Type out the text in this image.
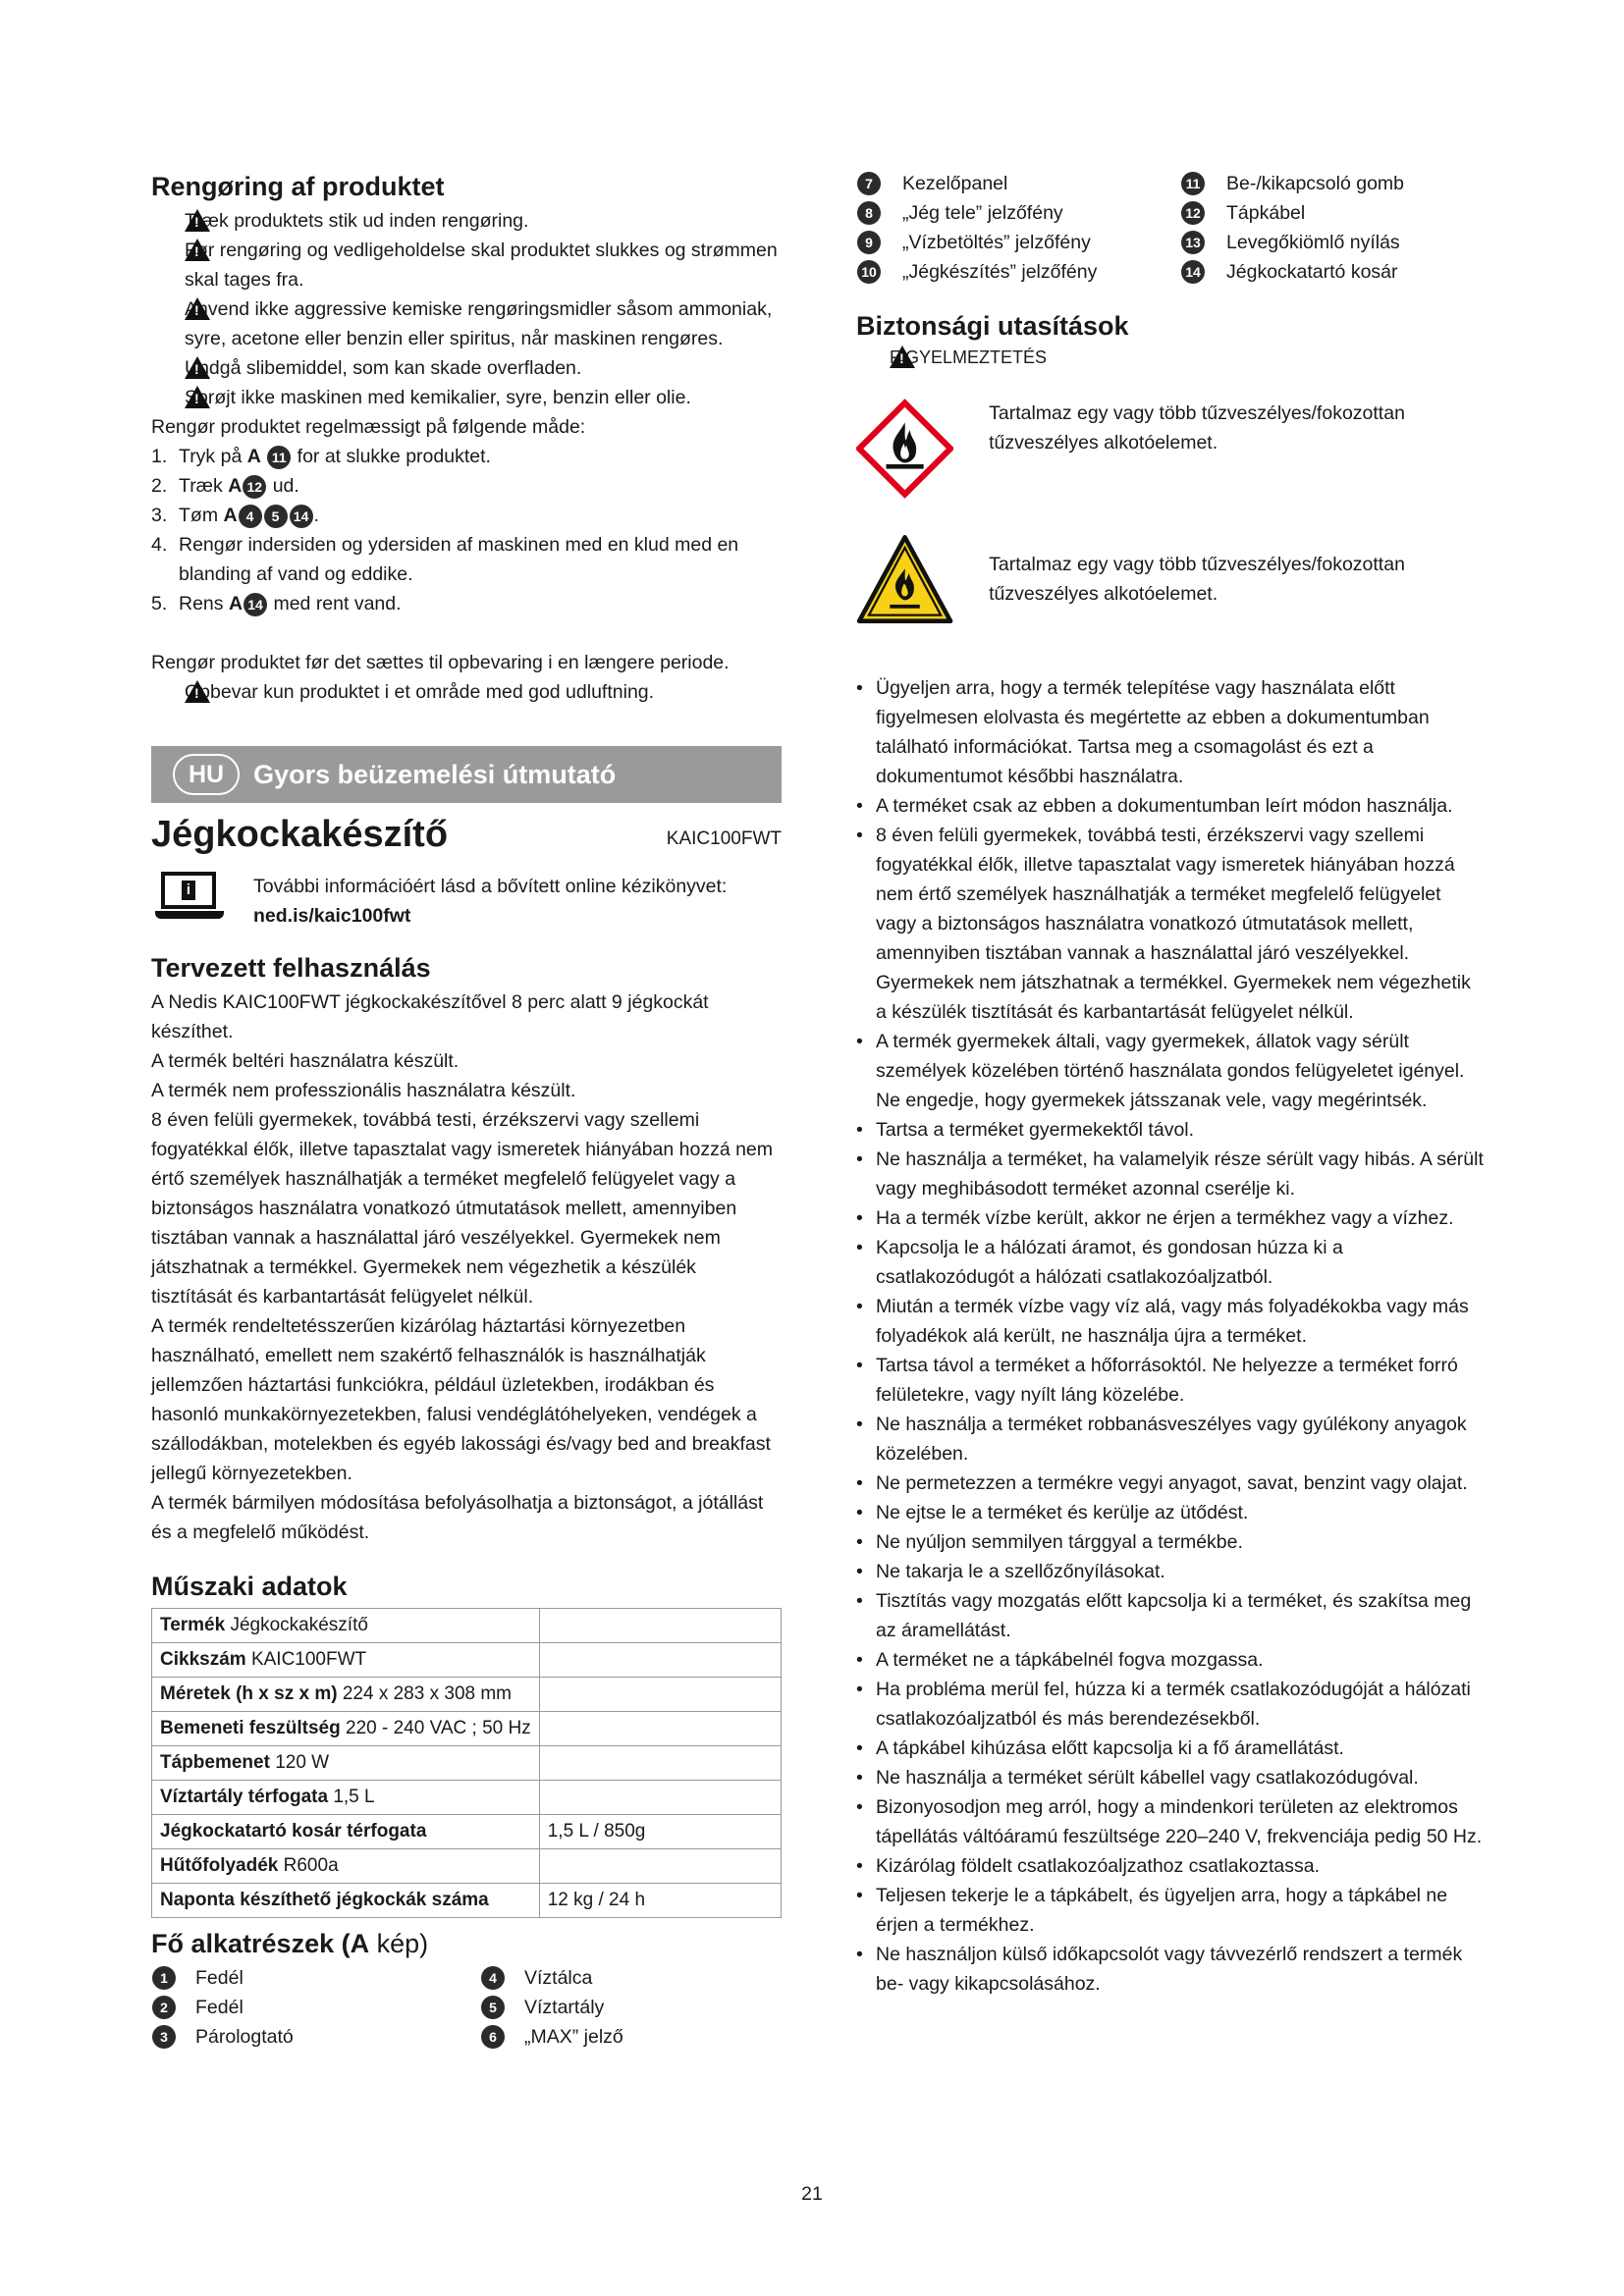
Rengøring af produktet
!
Træk produktets stik ud inden rengøring.
!
Før rengøring og vedligeholdelse skal produktet slukkes og strømmen skal tages fra.
!
Anvend ikke aggressive kemiske rengøringsmidler såsom ammoniak, syre, acetone eller benzin eller spiritus, når maskinen rengøres.
!
Undgå slibemiddel, som kan skade overfladen.
!
Sprøjt ikke maskinen med kemikalier, syre, benzin eller olie.
Rengør produktet regelmæssigt på følgende måde:
1. Tryk på A 11 for at slukke produktet.
2. Træk A 12 ud.
3. Tøm A 4 5 14 .
4. Rengør indersiden og ydersiden af maskinen med en klud med en blanding af vand og eddike.
5. Rens A 14 med rent vand.
Rengør produktet før det sættes til opbevaring i en længere periode.
!
Opbevar kun produktet i et område med god udluftning.
HU	Gyors beüzemelési útmutató
Jégkockakészítő	KAIC100FWT
i	További információért lásd a bővített online kézikönyvet:
ned.is/kaic100fwt
Tervezett felhasználás
A Nedis KAIC100FWT jégkockakészítővel 8 perc alatt 9 jégkockát készíthet.
A termék beltéri használatra készült.
A termék nem professzionális használatra készült.
8 éven felüli gyermekek, továbbá testi, érzékszervi vagy szellemi fogyatékkal élők, illetve tapasztalat vagy ismeretek hiányában hozzá nem értő személyek használhatják a terméket megfelelő felügyelet vagy a biztonságos használatra vonatkozó útmutatások mellett, amennyiben tisztában vannak a használattal járó veszélyekkel. Gyermekek nem játszhatnak a termékkel. Gyermekek nem végezhetik a készülék tisztítását és karbantartását felügyelet nélkül.
A termék rendeltetésszerűen kizárólag háztartási környezetben használható, emellett nem szakértő felhasználók is használhatják jellemzően háztartási funkciókra, például üzletekben, irodákban és hasonló munkakörnyezetekben, falusi vendéglátóhelyeken, vendégek a szállodákban, motelekben és egyéb lakossági és/vagy bed and breakfast jellegű környezetekben.
A termék bármilyen módosítása befolyásolhatja a biztonságot, a jótállást és a megfelelő működést.
Műszaki adatok
Termék Jégkockakészítő	
Cikkszám KAIC100FWT	
Méretek (h x sz x m) 224 x 283 x 308 mm	
Bemeneti feszültség 220 - 240 VAC ; 50 Hz	
Tápbemenet 120 W	
Víztartály térfogata 1,5 L	
Jégkockatartó kosár térfogata	1,5 L / 850g
Hűtőfolyadék R600a	
Naponta készíthető jégkockák száma	12 kg / 24 h
Fő alkatrészek (A kép)
1	Fedél
2	Fedél
3	Párologtató
4	Víztálca
5	Víztartály
6	„MAX” jelző
7	Kezelőpanel
8	„Jég tele” jelzőfény
9	„Vízbetöltés” jelzőfény
10 „Jégkészítés” jelzőfény
11 Be-/kikapcsoló gomb
12 Tápkábel
13 Levegőkiömlő nyílás
14 Jégkockatartó kosár
Biztonsági utasítások
!
FIGYELMEZTETÉS
Tartalmaz egy vagy több tűzveszélyes/fokozottan tűzveszélyes alkotóelemet.
Tartalmaz egy vagy több tűzveszélyes/fokozottan tűzveszélyes alkotóelemet.
• Ügyeljen arra, hogy a termék telepítése vagy használata előtt figyelmesen elolvasta és megértette az ebben a dokumentumban található információkat. Tartsa meg a csomagolást és ezt a dokumentumot későbbi használatra.
• A terméket csak az ebben a dokumentumban leírt módon használja.
• 8 éven felüli gyermekek, továbbá testi, érzékszervi vagy szellemi fogyatékkal élők, illetve tapasztalat vagy ismeretek hiányában hozzá nem értő személyek használhatják a terméket megfelelő felügyelet vagy a biztonságos használatra vonatkozó útmutatások mellett, amennyiben tisztában vannak a használattal járó veszélyekkel. Gyermekek nem játszhatnak a termékkel. Gyermekek nem végezhetik a készülék tisztítását és karbantartását felügyelet nélkül.
• A termék gyermekek általi, vagy gyermekek, állatok vagy sérült személyek közelében történő használata gondos felügyeletet igényel. Ne engedje, hogy gyermekek játsszanak vele, vagy megérintsék.
• Tartsa a terméket gyermekektől távol.
• Ne használja a terméket, ha valamelyik része sérült vagy hibás. A sérült vagy meghibásodott terméket azonnal cserélje ki.
• Ha a termék vízbe került, akkor ne érjen a termékhez vagy a vízhez.
• Kapcsolja le a hálózati áramot, és gondosan húzza ki a csatlakozódugót a hálózati csatlakozóaljzatból.
• Miután a termék vízbe vagy víz alá, vagy más folyadékokba vagy más folyadékok alá került, ne használja újra a terméket.
• Tartsa távol a terméket a hőforrásoktól. Ne helyezze a terméket forró felületekre, vagy nyílt láng közelébe.
• Ne használja a terméket robbanásveszélyes vagy gyúlékony anyagok közelében.
• Ne permetezzen a termékre vegyi anyagot, savat, benzint vagy olajat.
• Ne ejtse le a terméket és kerülje az ütődést.
• Ne nyúljon semmilyen tárggyal a termékbe.
• Ne takarja le a szellőzőnyílásokat.
• Tisztítás vagy mozgatás előtt kapcsolja ki a terméket, és szakítsa meg az áramellátást.
• A terméket ne a tápkábelnél fogva mozgassa.
• Ha probléma merül fel, húzza ki a termék csatlakozódugóját a hálózati csatlakozóaljzatból és más berendezésekből.
• A tápkábel kihúzása előtt kapcsolja ki a fő áramellátást.
• Ne használja a terméket sérült kábellel vagy csatlakozódugóval.
• Bizonyosodjon meg arról, hogy a mindenkori területen az elektromos tápellátás váltóáramú feszültsége 220–240 V, frekvenciája pedig 50 Hz.
• Kizárólag földelt csatlakozóaljzathoz csatlakoztassa.
• Teljesen tekerje le a tápkábelt, és ügyeljen arra, hogy a tápkábel ne érjen a termékhez.
• Ne használjon külső időkapcsolót vagy távvezérlő rendszert a termék be- vagy kikapcsolásához.
21
